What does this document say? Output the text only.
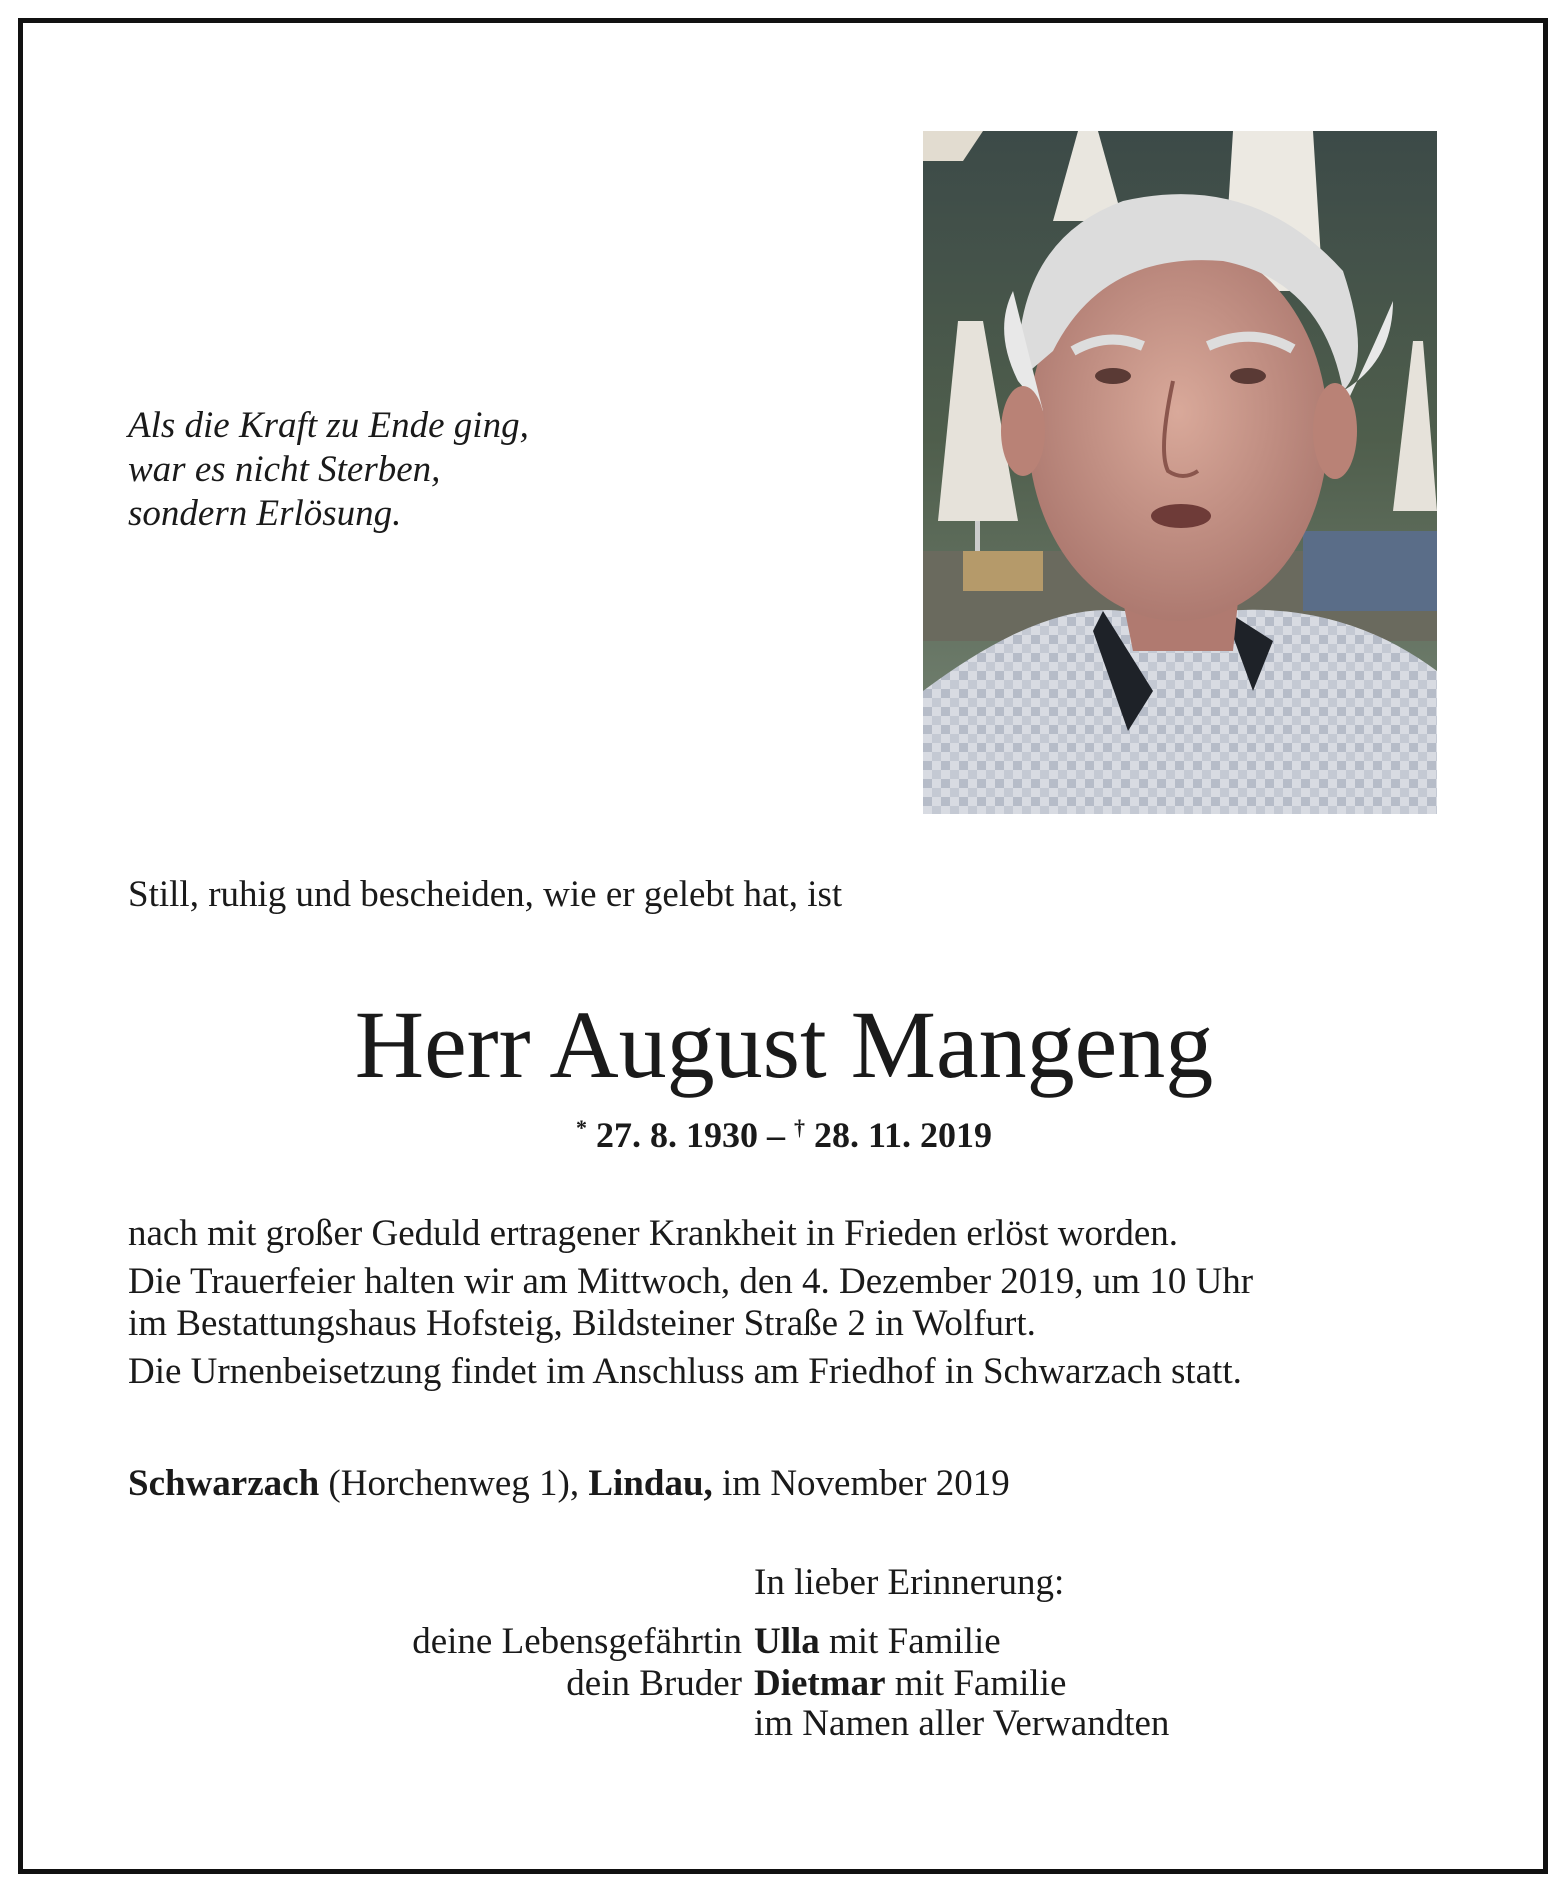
Als die Kraft zu Ende ging,
war es nicht Sterben,
sondern Erlösung.
Still, ruhig und bescheiden, wie er gelebt hat, ist
Herr August Mangeng
* 27. 8. 1930 – † 28. 11. 2019

nach mit großer Geduld ertragener Krankheit in Frieden erlöst worden.

Die Trauerfeier halten wir am Mittwoch, den 4. Dezember 2019, um 10 Uhr
im Bestattungshaus Hofsteig, Bildsteiner Straße 2 in Wolfurt.

Die Urnenbeisetzung findet im Anschluss am Friedhof in Schwarzach statt.

Schwarzach (Horchenweg 1), Lindau, im November 2019
In lieber Erinnerung:
deine Lebensgefährtin Ulla mit Familie
dein Bruder Dietmar mit Familie
im Namen aller Verwandten
